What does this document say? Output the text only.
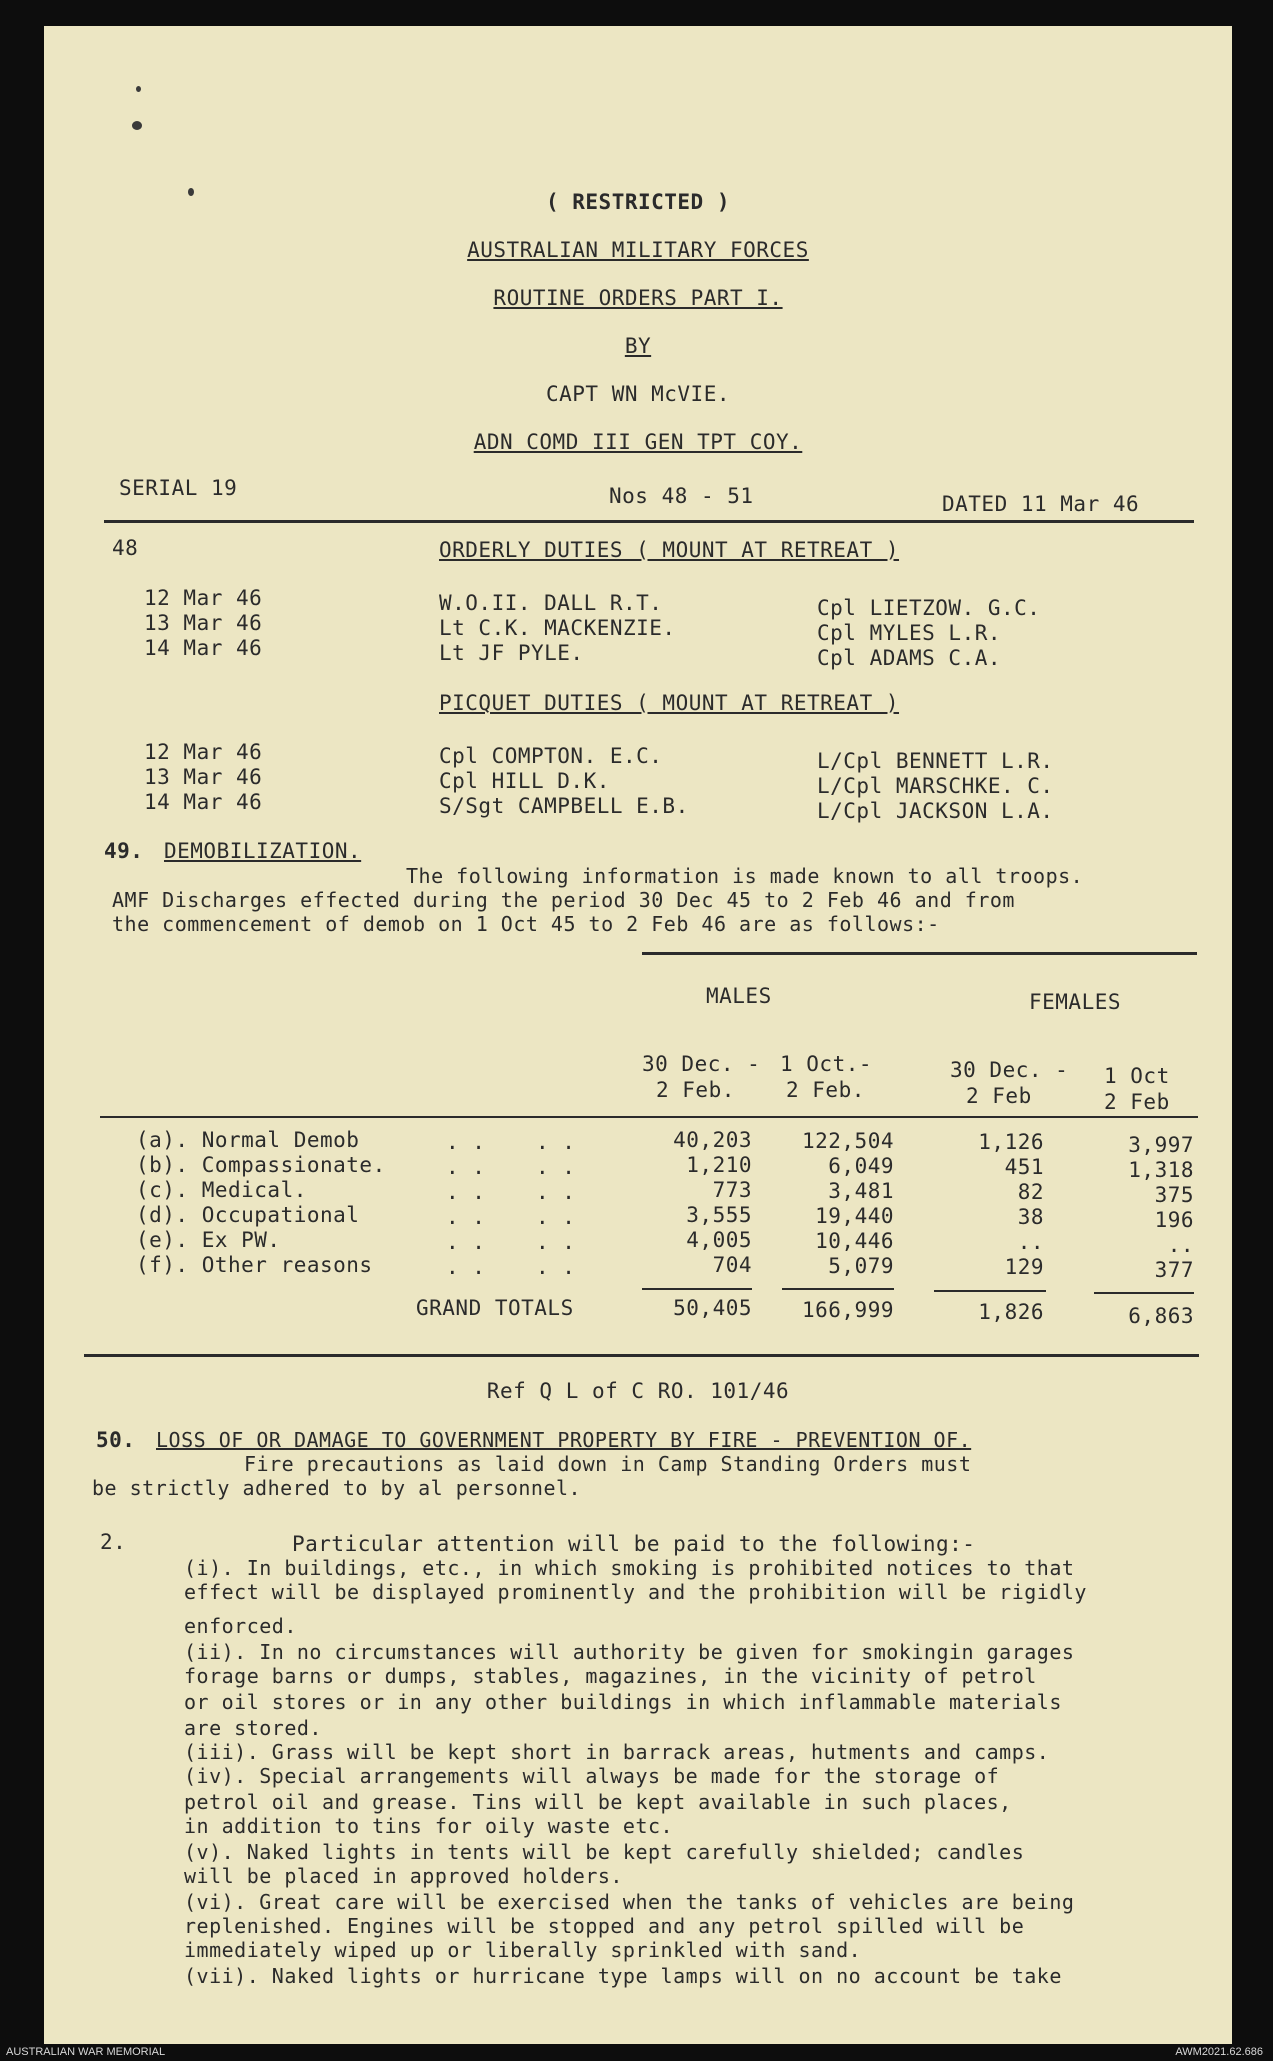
( RESTRICTED )
AUSTRALIAN MILITARY FORCES
ROUTINE ORDERS PART I.
BY
CAPT WN McVIE.
ADN COMD III GEN TPT COY.
SERIAL 19	Nos 48 - 51	DATED 11 Mar 46
48	ORDERLY DUTIES ( MOUNT AT RETREAT )
12 Mar 46	W.O.II. DALL R.T.	Cpl LIETZOW. G.C.
13 Mar 46	Lt C.K. MACKENZIE.	Cpl MYLES L.R.
14 Mar 46	Lt JF PYLE.	Cpl ADAMS C.A.
PICQUET DUTIES ( MOUNT AT RETREAT )
12 Mar 46	Cpl COMPTON. E.C.	L/Cpl BENNETT L.R.
13 Mar 46	Cpl HILL D.K.	L/Cpl MARSCHKE. C.
14 Mar 46	S/Sgt CAMPBELL E.B.	L/Cpl JACKSON L.A.
49. DEMOBILIZATION.
The following information is made known to all troops.
AMF Discharges effected during the period 30 Dec 45 to 2 Feb 46 and from
the commencement of demob on 1 Oct 45 to 2 Feb 46 are as follows:-
MALES	FEMALES
30 Dec. -
2 Feb.
1 Oct.-
2 Feb.
30 Dec. -
2 Feb
1 Oct
2 Feb
(a). Normal Demob	. . . .	40,203	122,504	1,126	3,997
(b). Compassionate.	. . . .	1,210	6,049	451	1,318
(c). Medical.	. . . .	773	3,481	82	375
(d). Occupational	. . . .	3,555	19,440	38	196
(e). Ex PW.	. . . .	4,005	10,446	..	..
(f). Other reasons	. . . .	704	5,079	129	377
GRAND TOTALS	50,405	166,999	1,826	6,863
Ref Q L of C RO. 101/46
50. LOSS OF OR DAMAGE TO GOVERNMENT PROPERTY BY FIRE - PREVENTION OF.
Fire precautions as laid down in Camp Standing Orders must
be strictly adhered to by al personnel.
2.	Particular attention will be paid to the following:-
(i). In buildings, etc., in which smoking is prohibited notices to that
effect will be displayed prominently and the prohibition will be rigidly
enforced.
(ii). In no circumstances will authority be given for smokingin garages
forage barns or dumps, stables, magazines, in the vicinity of petrol
or oil stores or in any other buildings in which inflammable materials
are stored.
(iii). Grass will be kept short in barrack areas, hutments and camps.
(iv). Special arrangements will always be made for the storage of
petrol oil and grease. Tins will be kept available in such places,
in addition to tins for oily waste etc.
(v). Naked lights in tents will be kept carefully shielded; candles
will be placed in approved holders.
(vi). Great care will be exercised when the tanks of vehicles are being
replenished. Engines will be stopped and any petrol spilled will be
immediately wiped up or liberally sprinkled with sand.
(vii). Naked lights or hurricane type lamps will on no account be take
AUSTRALIAN WAR MEMORIAL	AWM2021.62.686
